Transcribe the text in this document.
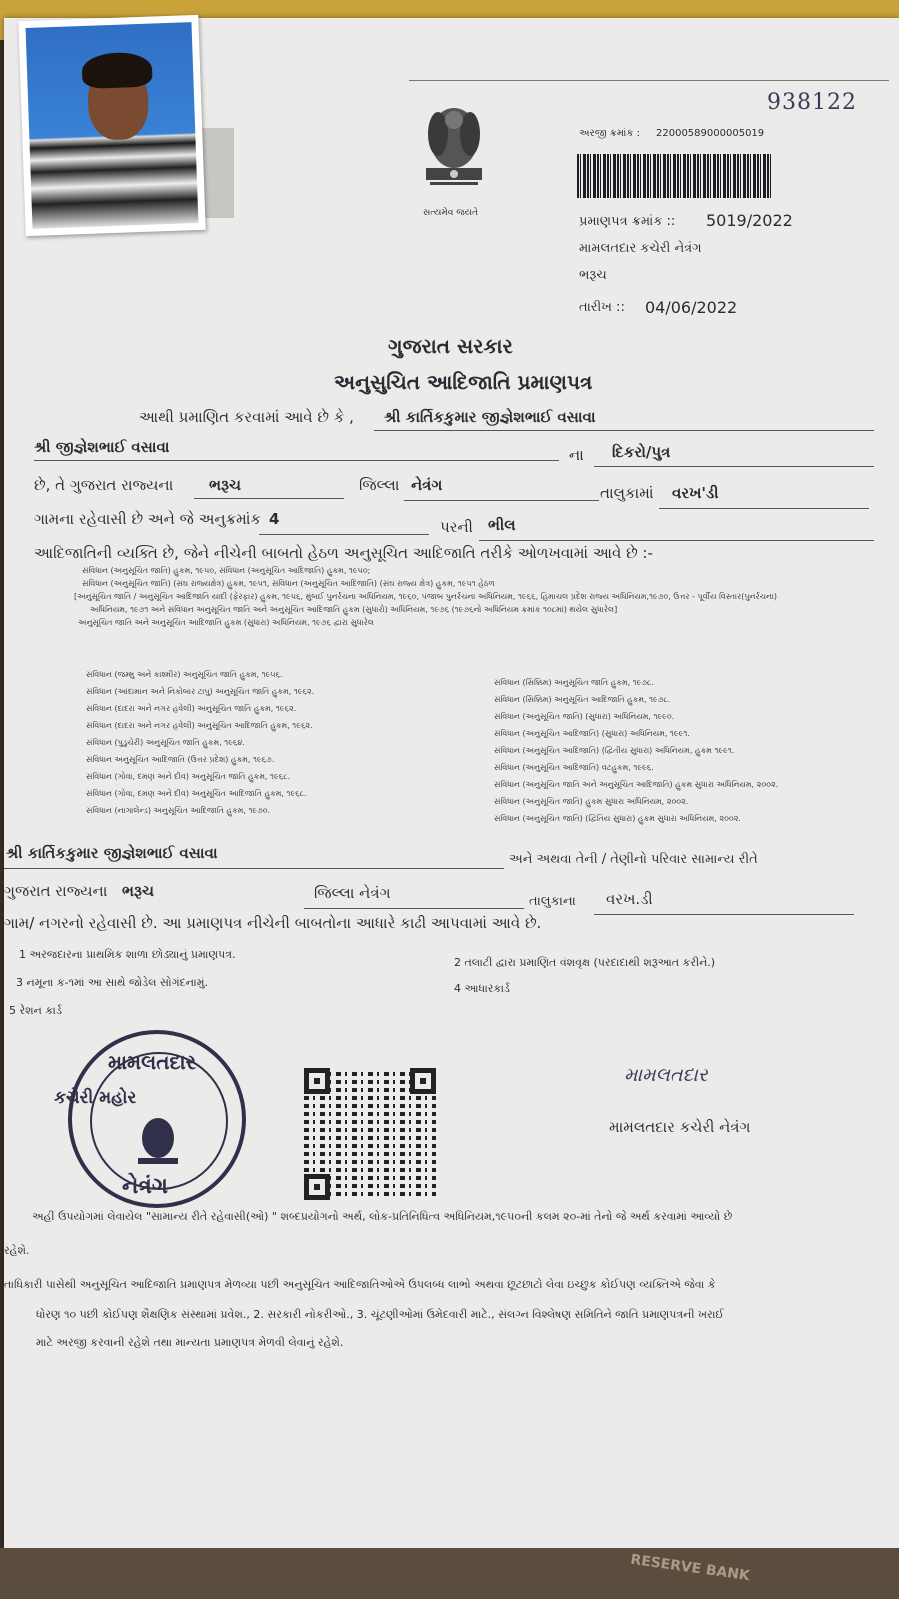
938122
સત્યમેવ જયતે
અરજી ક્રમાંક : 22000589000005019
પ્રમાણપત્ર ક્રમાંક :: 5019/2022
મામલતદાર કચેરી નેત્રંગ
ભરૂચ
તારીખ :: 04/06/2022
ગુજરાત સરકાર
અનુસુચિત આદિજાતિ પ્રમાણપત્ર
આથી પ્રમાણિત કરવામાં આવે છે કે , શ્રી કાર્તિકકુમાર જીજ્ઞેશભાઈ વસાવા
શ્રી જીજ્ઞેશભાઈ વસાવા	ના દિકરો/પુત્ર
છે, તે ગુજરાત રાજ્યના ભરૂચ	જિલ્લા નેત્રંગ	તાલુકામાં વરખ'ડી
ગામના રહેવાસી છે અને જે અનુક્રમાંક 4	પરની ભીલ
આદિજાતિની વ્યક્તિ છે, જેને નીચેની બાબતો હેઠળ અનુસૂચિત આદિજાતિ તરીકે ઓળખવામાં આવે છે :-
સંવિધાન (અનુસૂચિત જાતિ) હુકમ, ૧૯૫૦, સંવિધાન (અનુસૂચિત આદિજાતિ) હુકમ, ૧૯૫૦;
સંવિધાન (અનુસૂચિત જાતિ) (સંઘ રાજ્યક્ષેત્ર) હુકમ, ૧૯૫૧, સંવિધાન (અનુસૂચિત આદિજાતિ) (સંઘ રાજ્ય ક્ષેત્ર) હુકમ, ૧૯૫૧ હેઠળ
[અનુસૂચિત જાતિ / અનુસૂચિત આદિજાતિ યાદી (ફેરફાર) હુકમ, ૧૯૫૬, મુંબઈ પુનર્રચના અધિનિયમ, ૧૯૬૦, પંજાબ પુનર્રચના અધિનિયમ, ૧૯૬૬, હિમાચલ પ્રદેશ રાજ્ય અધિનિયમ,૧૯૭૦, ઉત્તર - પૂર્વીય વિસ્તાર(પુનર્રચના)
અધિનિયમ, ૧૯૭૧ અને સંવિધાન અનુસૂચિત જાતિ અને અનુસૂચિત આદિજાતિ હુકમ (સુધારો) અધિનિયમ, ૧૯૭૬ (૧૯૭૬નો અધિનિયમ ક્રમાંક ૧૦૮માં) થયેલ સુધારેલ]
અનુસૂચિત જાતિ અને અનુસૂચિત આદિજાતિ હુકમ (સુધારા) અધિનિયમ, ૧૯૭૬ દ્વારા સુધારેલ
સંવિધાન (જમ્મુ અને કાશ્મીર) અનુસૂચિત જાતિ હુકમ, ૧૯૫૬.
સંવિધાન (આંદામાન અને નિકોબાર ટાપુ) અનુસૂચિત જાતિ હુકમ, ૧૯૬૨.
સંવિધાન (દાદરા અને નગર હવેલી) અનુસૂચિત જાતિ હુકમ, ૧૯૬૨.
સંવિધાન (દાદરા અને નગર હવેલી) અનુસૂચિત આદિજાતિ હુકમ, ૧૯૬૨.
સંવિધાન (પુડુચેરી) અનુસૂચિત જાતિ હુકમ, ૧૯૬૪.
સંવિધાન અનુસૂચિત આદિજાતિ (ઉત્તર પ્રદેશ) હુકમ, ૧૯૬૭.
સંવિધાન (ગોવા, દમણ અને દીવ) અનુસૂચિત જાતિ હુકમ, ૧૯૬૮.
સંવિધાન (ગોવા, દમણ અને દીવ) અનુસૂચિત આદિજાતિ હુકમ, ૧૯૬૮.
સંવિધાન (નાગાલેન્ડ) અનુસૂચિત આદિજાતિ હુકમ, ૧૯૭૦.
સંવિધાન (સિક્કિમ) અનુસૂચિત જાતિ હુકમ, ૧૯૭૮.
સંવિધાન (સિક્કિમ) અનુસૂચિત આદિજાતિ હુકમ, ૧૯૭૮.
સંવિધાન (અનુસૂચિત જાતિ) (સુધારા) અધિનિયમ, ૧૯૯૦.
સંવિધાન (અનુસૂચિત આદિજાતિ) (સુધારા) અધિનિયમ, ૧૯૯૧.
સંવિધાન (અનુસૂચિત આદિજાતિ) (દ્વિતીય સુધારા) અધિનિયમ, હુકમ ૧૯૯૧.
સંવિધાન (અનુસૂચિત આદિજાતિ) વટહુકમ, ૧૯૯૬.
સંવિધાન (અનુસૂચિત જાતિ અને અનુસૂચિત આદિજાતિ) હુકમ સુધારા અધિનિયમ, ૨૦૦૨.
સંવિધાન (અનુસૂચિત જાતિ) હુકમ સુધારા અધિનિયમ, ૨૦૦૨.
સંવિધાન (અનુસૂચિત જાતિ) (દ્વિતિય સુધારા) હુકમ સુધારા અધિનિયમ, ૨૦૦૨.
શ્રી કાર્તિકકુમાર જીજ્ઞેશભાઈ વસાવા	અને અથવા તેની / તેણીનો પરિવાર સામાન્ય રીતે
ગુજરાત રાજ્યના ભરૂચ	જિલ્લા નેત્રંગ	તાલુકાના વરખ.ડી
ગામ/ નગરનો રહેવાસી છે. આ પ્રમાણપત્ર નીચેની બાબતોના આધારે કાઢી આપવામાં આવે છે.
1 અરજદારના પ્રાથમિક શાળા છોડ્યાનું પ્રમાણપત્ર.
2 તલાટી દ્વારા પ્રમાણિત વંશવૃક્ષ (પરદાદાથી શરૂઆત કરીને.)
3 નમૂના ક-૧માં આ સાથે જોડેલ સોગંદનામું.	4 આધારકાર્ડ
5 રેશન કાર્ડ
મામલતદાર
કચેરી મહોર
નેત્રંગ
મામલતદાર
મામલતદાર કચેરી નેત્રંગ
અહીં ઉપયોગમાં લેવાયેલ "સામાન્ય રીતે રહેવાસી(ઓ) " શબ્દપ્રયોગનો અર્થ, લોક-પ્રતિનિધિત્વ અધિનિયમ,૧૯૫૦ની કલમ ૨૦-માં તેનો જે અર્થ કરવામાં આવ્યો છે
રહેશે.
તાધિકારી પાસેથી અનુસૂચિત આદિજાતિ પ્રમાણપત્ર મેળવ્યા પછી અનુસૂચિત આદિજાતિઓએ ઉપલબ્ધ લાભો અથવા છૂટછાટો લેવા ઇચ્છુક કોઈપણ વ્યક્તિએ જેવા કે
ધોરણ ૧૦ પછી કોઈપણ શૈક્ષણિક સંસ્થામાં પ્રવેશ., 2. સરકારી નોકરીઓ., 3. ચૂંટણીઓમાં ઉમેદવારી માટે., સંલગ્ન વિશ્લેષણ સમિતિને જાતિ પ્રમાણપત્રની ખરાઈ
માટે અરજી કરવાની રહેશે તથા માન્યતા પ્રમાણપત્ર મેળવી લેવાનું રહેશે.
RESERVE BANK
